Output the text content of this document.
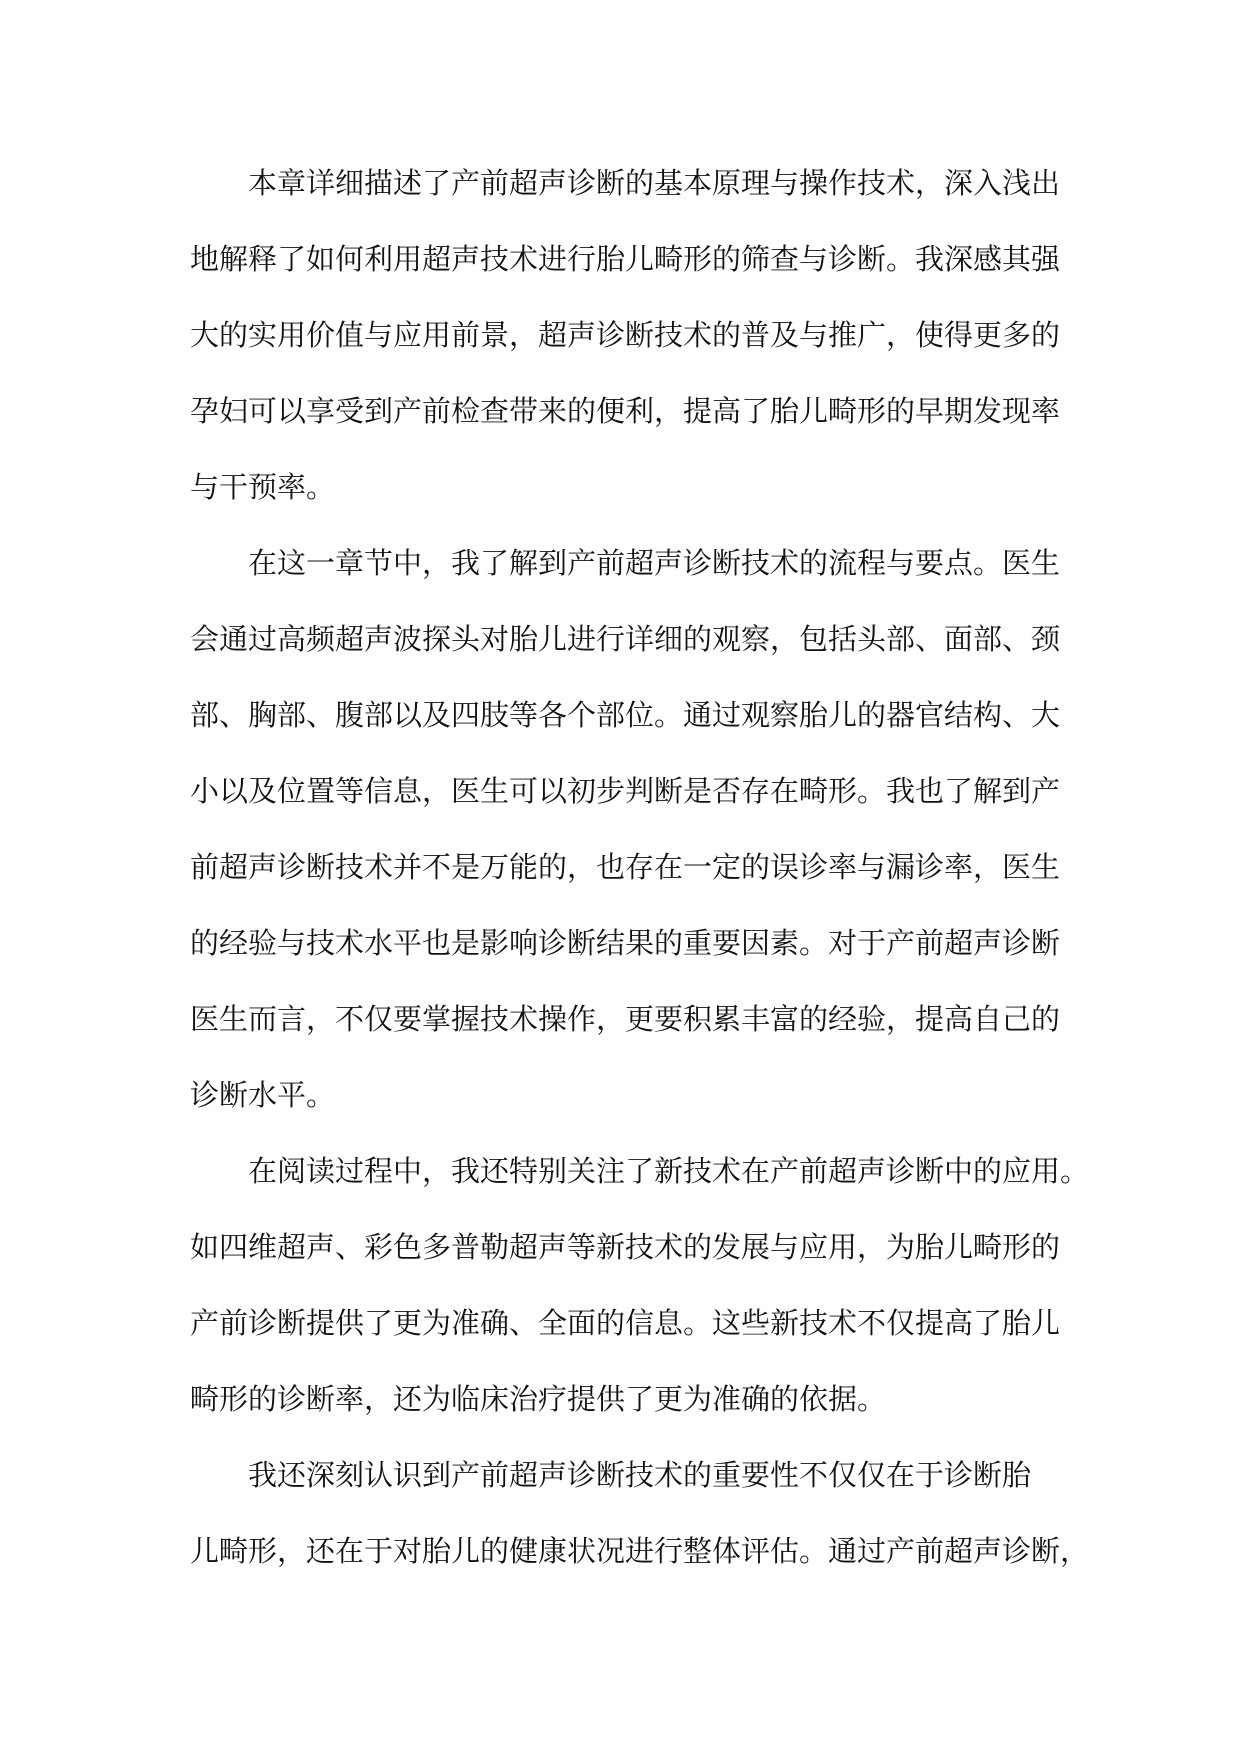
　　本章详细描述了产前超声诊断的基本原理与操作技术，深入浅出
地解释了如何利用超声技术进行胎儿畸形的筛查与诊断。我深感其强
大的实用价值与应用前景，超声诊断技术的普及与推广，使得更多的
孕妇可以享受到产前检查带来的便利，提高了胎儿畸形的早期发现率
与干预率。
　　在这一章节中，我了解到产前超声诊断技术的流程与要点。医生
会通过高频超声波探头对胎儿进行详细的观察，包括头部、面部、颈
部、胸部、腹部以及四肢等各个部位。通过观察胎儿的器官结构、大
小以及位置等信息，医生可以初步判断是否存在畸形。我也了解到产
前超声诊断技术并不是万能的，也存在一定的误诊率与漏诊率，医生
的经验与技术水平也是影响诊断结果的重要因素。对于产前超声诊断
医生而言，不仅要掌握技术操作，更要积累丰富的经验，提高自己的
诊断水平。
　　在阅读过程中，我还特别关注了新技术在产前超声诊断中的应用。
如四维超声、彩色多普勒超声等新技术的发展与应用，为胎儿畸形的
产前诊断提供了更为准确、全面的信息。这些新技术不仅提高了胎儿
畸形的诊断率，还为临床治疗提供了更为准确的依据。
　　我还深刻认识到产前超声诊断技术的重要性不仅仅在于诊断胎
儿畸形，还在于对胎儿的健康状况进行整体评估。通过产前超声诊断，
